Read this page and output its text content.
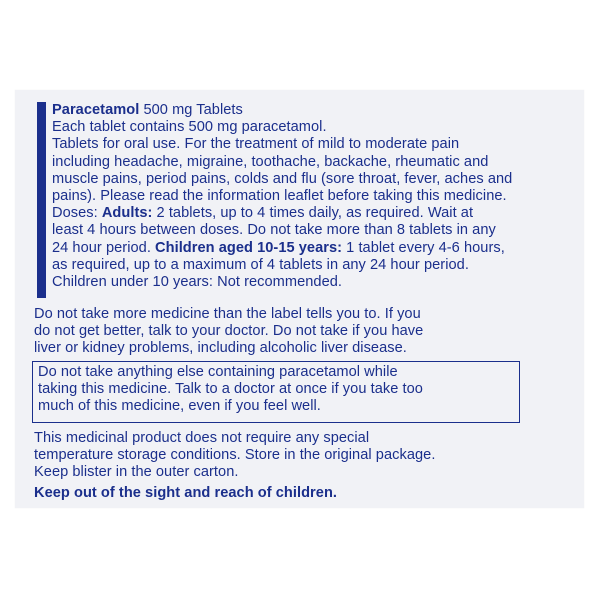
Paracetamol 500 mg Tablets

Each tablet contains 500 mg paracetamol.

Tablets for oral use. For the treatment of mild to moderate pain

including headache, migraine, toothache, backache, rheumatic and

muscle pains, period pains, colds and flu (sore throat, fever, aches and

pains). Please read the information leaflet before taking this medicine.

Doses: Adults: 2 tablets, up to 4 times daily, as required. Wait at

least 4 hours between doses. Do not take more than 8 tablets in any

24 hour period. Children aged 10-15 years: 1 tablet every 4-6 hours,

as required, up to a maximum of 4 tablets in any 24 hour period.

Children under 10 years: Not recommended.

Do not take more medicine than the label tells you to. If you

do not get better, talk to your doctor. Do not take if you have

liver or kidney problems, including alcoholic liver disease.

Do not take anything else containing paracetamol while

taking this medicine. Talk to a doctor at once if you take too

much of this medicine, even if you feel well.

This medicinal product does not require any special

temperature storage conditions. Store in the original package.

Keep blister in the outer carton.

Keep out of the sight and reach of children.
